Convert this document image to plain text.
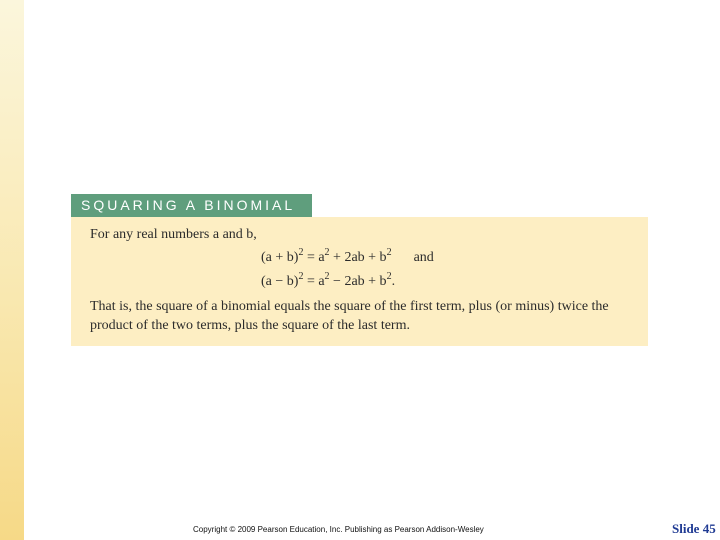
SQUARING A BINOMIAL
For any real numbers a and b,
$(a + b)^2 = a^2 + 2ab + b^2$ and
$(a - b)^2 = a^2 - 2ab + b^2$.
That is, the square of a binomial equals the square of the first term, plus (or minus) twice the product of the two terms, plus the square of the last term.
Copyright © 2009 Pearson Education, Inc. Publishing as Pearson Addison-Wesley	Slide 45
